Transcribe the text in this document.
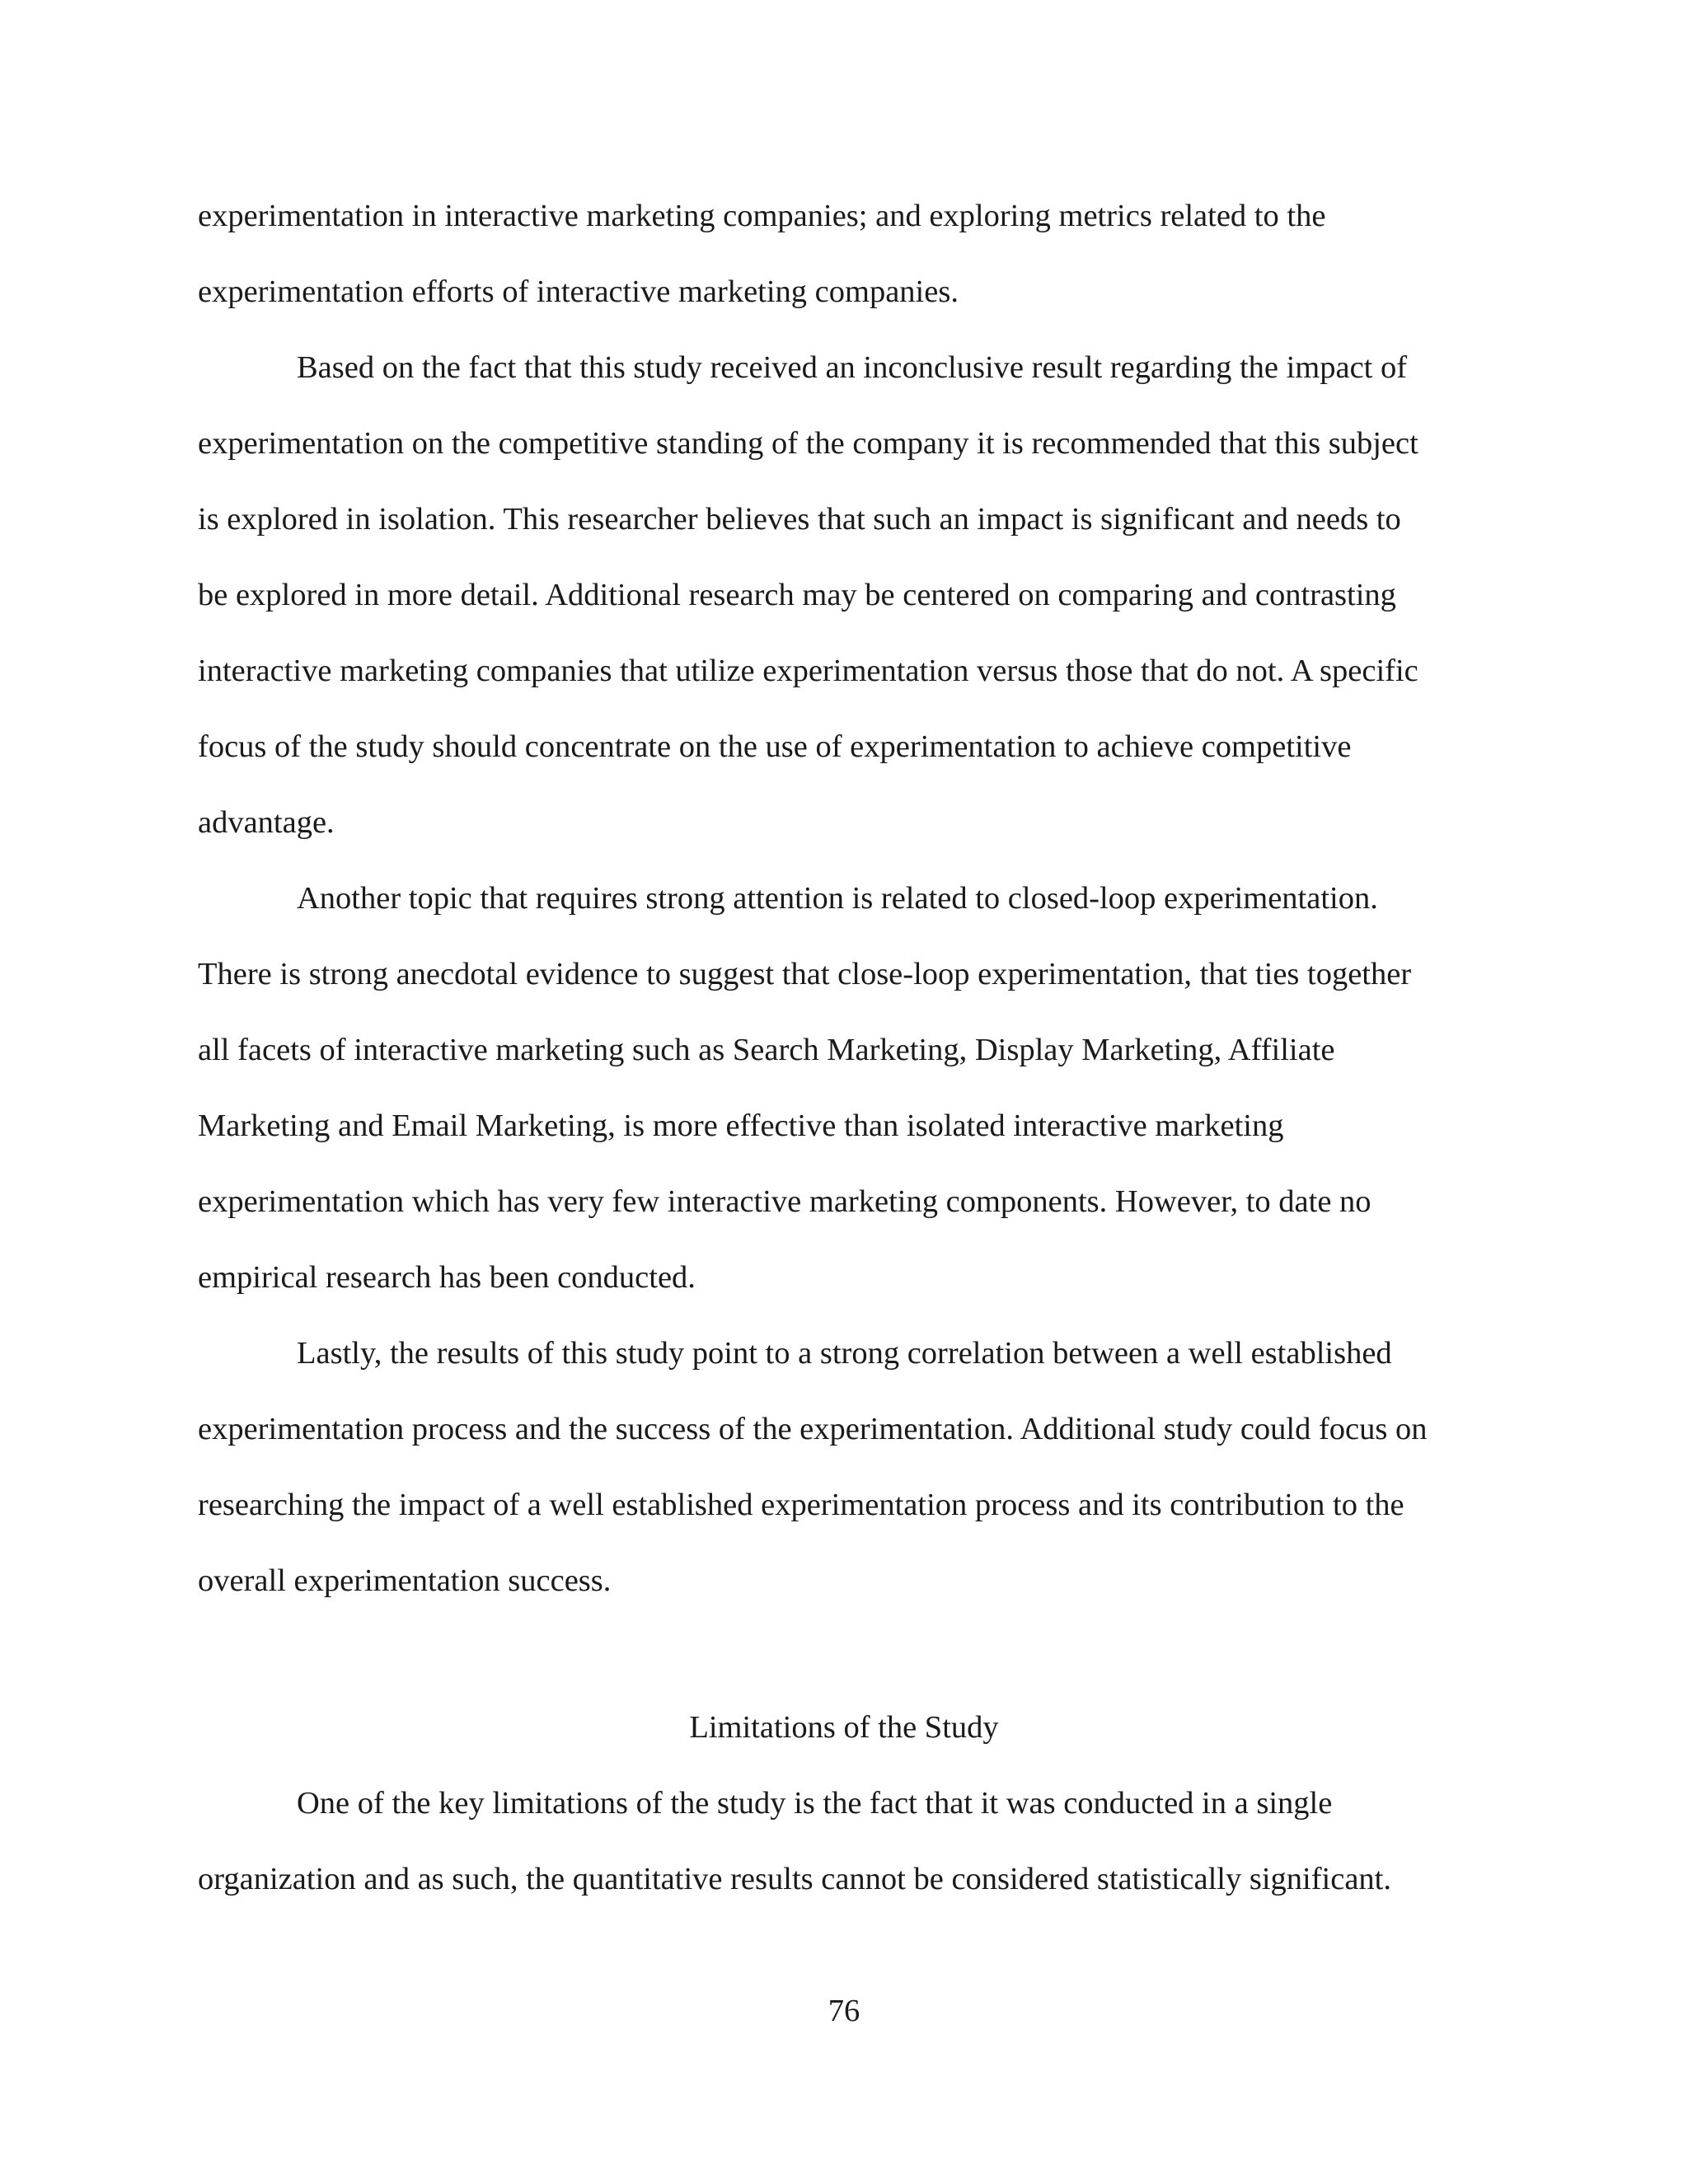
experimentation in interactive marketing companies; and exploring metrics related to the
experimentation efforts of interactive marketing companies.
Based on the fact that this study received an inconclusive result regarding the impact of
experimentation on the competitive standing of the company it is recommended that this subject
is explored in isolation. This researcher believes that such an impact is significant and needs to
be explored in more detail. Additional research may be centered on comparing and contrasting
interactive marketing companies that utilize experimentation versus those that do not. A specific
focus of the study should concentrate on the use of experimentation to achieve competitive
advantage.
Another topic that requires strong attention is related to closed-loop experimentation.
There is strong anecdotal evidence to suggest that close-loop experimentation, that ties together
all facets of interactive marketing such as Search Marketing, Display Marketing, Affiliate
Marketing and Email Marketing, is more effective than isolated interactive marketing
experimentation which has very few interactive marketing components. However, to date no
empirical research has been conducted.
Lastly, the results of this study point to a strong correlation between a well established
experimentation process and the success of the experimentation. Additional study could focus on
researching the impact of a well established experimentation process and its contribution to the
overall experimentation success.
Limitations of the Study
One of the key limitations of the study is the fact that it was conducted in a single
organization and as such, the quantitative results cannot be considered statistically significant.
76
